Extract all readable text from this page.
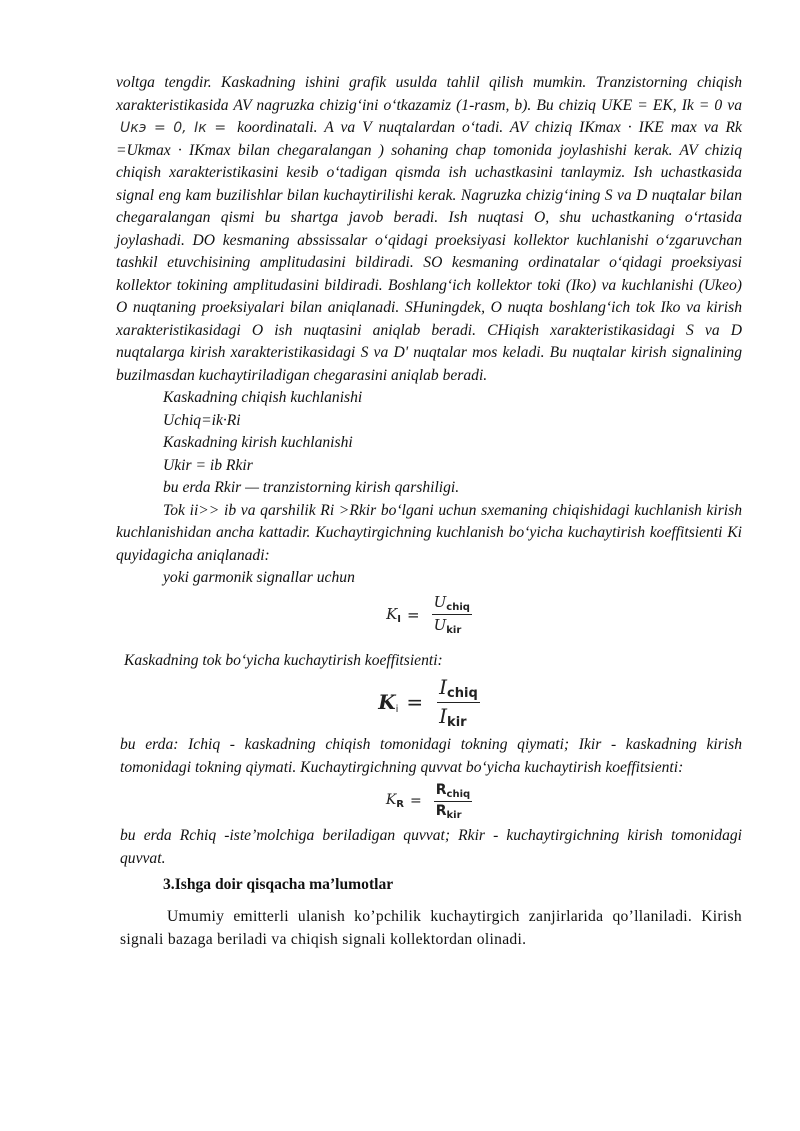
voltga tengdir. Kaskadning ishini grafik usulda tahlil qilish mumkin. Tranzistorning chiqish xarakteristikasida AV nagruzka chizig‘ini o‘tkazamiz (1-rasm, b). Bu chiziq UKE = EK, Ik = 0 va Uкэ = 0, Iк = koordinatali. A va V nuqtalardan o‘tadi. AV chiziq IKmax · IKE max va Rk =Ukmax · IKmax bilan chegaralangan ) sohaning chap tomonida joylashishi kerak. AV chiziq chiqish xarakteristikasini kesib o‘tadigan qismda ish uchastkasini tanlaymiz. Ish uchastkasida signal eng kam buzilishlar bilan kuchaytirilishi kerak. Nagruzka chizig‘ining S va D nuqtalar bilan chegaralangan qismi bu shartga javob beradi. Ish nuqtasi O, shu uchastkaning o‘rtasida joylashadi. DO kesmaning abssissalar o‘qidagi proeksiyasi kollektor kuchlanishi o‘zgaruvchan tashkil etuvchisining amplitudasini bildiradi. SO kesmaning ordinatalar o‘qidagi proeksiyasi kollektor tokining amplitudasini bildiradi. Boshlang‘ich kollektor toki (Iko) va kuchlanishi (Ukeo) O nuqtaning proeksiyalari bilan aniqlanadi. SHuningdek, O nuqta boshlang‘ich tok Iko va kirish xarakteristikasidagi O ish nuqtasini aniqlab beradi. CHiqish xarakteristikasidagi S va D nuqtalarga kirish xarakteristikasidagi S va D' nuqtalar mos keladi. Bu nuqtalar kirish signalining buzilmasdan kuchaytiriladigan chegarasini aniqlab beradi.

Kaskadning chiqish kuchlanishi

Uchiq=ik·Ri

Kaskadning kirish kuchlanishi

Ukir = ib Rkir

bu erda Rkir — tranzistorning kirish qarshiligi.

Tok ii>> ib va qarshilik Ri >Rkir bo‘lgani uchun sxemaning chiqishidagi kuchlanish kirish kuchlanishidan ancha kattadir. Kuchaytirgichning kuchlanish bo‘yicha kuchaytirish koeffitsienti Ki quyidagicha aniqlanadi:

yoki garmonik signallar uchun

$K_I = \frac{U_{chiq}}{U_{kir}}$

Kaskadning tok bo‘yicha kuchaytirish koeffitsienti:

$K_i = \frac{I_{chiq}}{I_{kir}}$

bu erda: Ichiq - kaskadning chiqish tomonidagi tokning qiymati; Ikir - kaskadning kirish tomonidagi tokning qiymati. Kuchaytirgichning quvvat bo‘yicha kuchaytirish koeffitsienti:

$K_R = \frac{R_{chiq}}{R_{kir}}$

bu erda Rchiq -iste’molchiga beriladigan quvvat; Rkir - kuchaytirgichning kirish tomonidagi quvvat.

3.Ishga doir qisqacha ma’lumotlar

Umumiy emitterli ulanish ko’pchilik kuchaytirgich zanjirlarida qo’llaniladi. Kirish signali bazaga beriladi va chiqish signali kollektordan olinadi.
